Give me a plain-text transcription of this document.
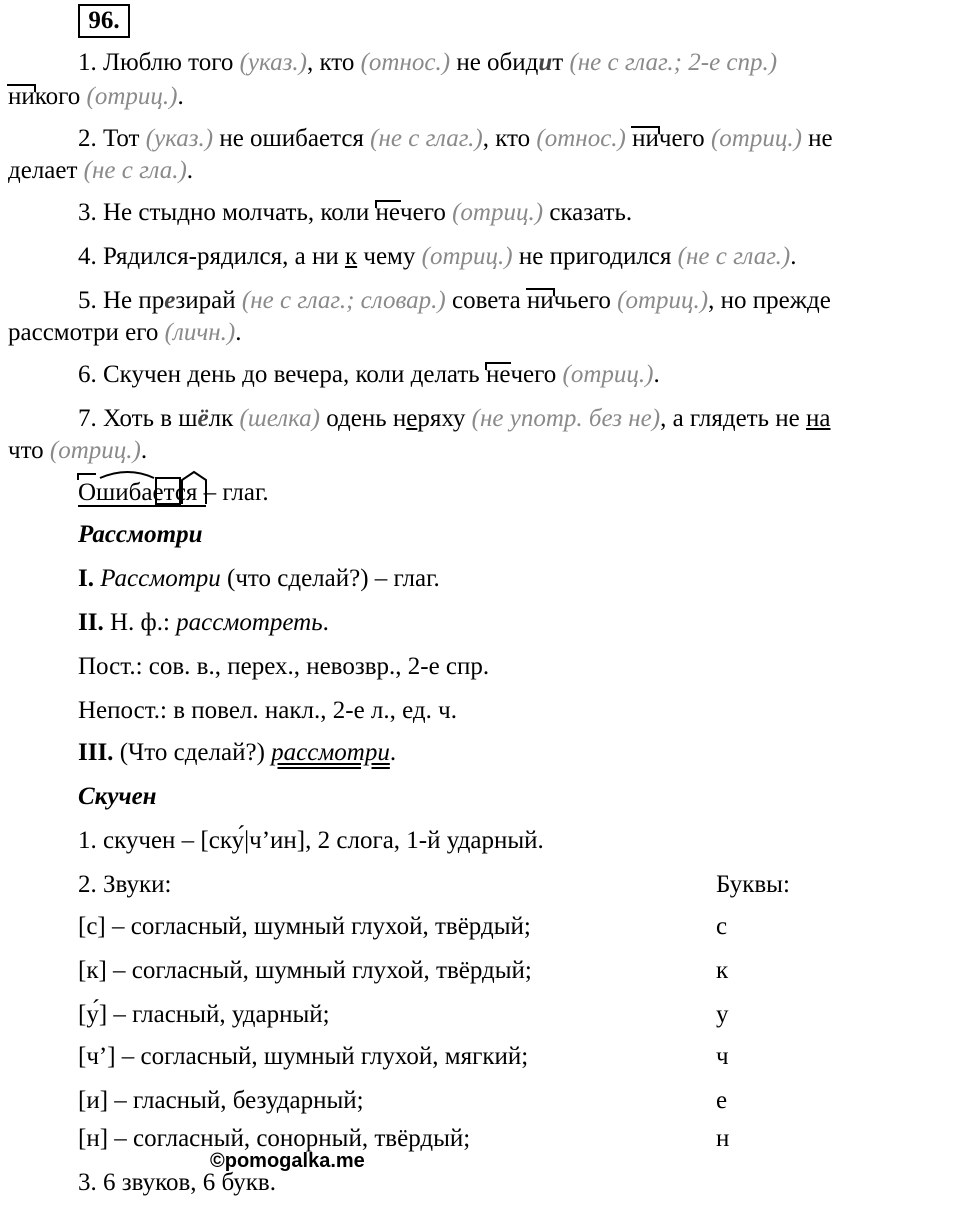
96.
1. Люблю того (указ.), кто (относ.) не обидит (не с глаг.; 2-е спр.)
никого (отриц.).
2. Тот (указ.) не ошибается (не с глаг.), кто (относ.) ничего (отриц.) не
делает (не с гла.).
3. Не стыдно молчать, коли нечего (отриц.) сказать.
4. Рядился-рядился, а ни к чему (отриц.) не пригодился (не с глаг.).
5. Не презирай (не с глаг.; словар.) совета ничьего (отриц.), но прежде
рассмотри его (личн.).
6. Скучен день до вечера, коли делать нечего (отриц.).
7. Хоть в шёлк (шелка) одень неряху (не употр. без не), а глядеть не на
что (отриц.).
Ошибается – глаг.
Рассмотри
I. Рассмотри (что сделай?) – глаг.
II. Н. ф.: рассмотреть.
Пост.: сов. в., перех., невозвр., 2-е спр.
Непост.: в повел. накл., 2-е л., ед. ч.
III. (Что сделай?) рассмотри.
Скучен
1. скучен – [ску́|ч’ин], 2 слога, 1-й ударный.
2. Звуки:	Буквы:
[с] – согласный, шумный глухой, твёрдый;	с
[к] – согласный, шумный глухой, твёрдый;	к
[у́] – гласный, ударный;	у
[ч’] – согласный, шумный глухой, мягкий;	ч
[и] – гласный, безударный;	е
[н] – согласный, сонорный, твёрдый;	н
3. 6 звуков, 6 букв.
©pomogalka.me
